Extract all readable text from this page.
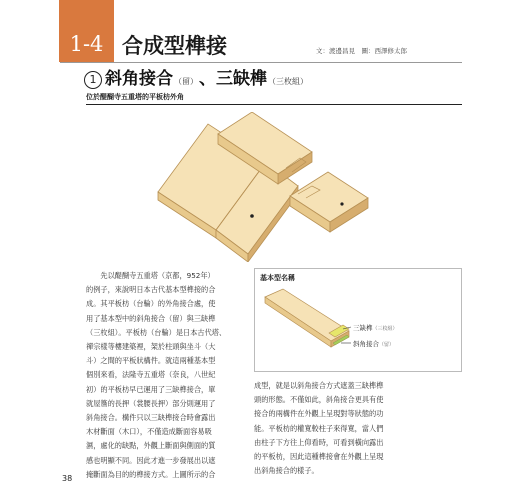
1-4 合成型榫接	文：渡邊昌見　圖：西澤修太郎
1 斜角接合 （留） 、 三缺榫 （三枚組）
位於醍醐寺五重塔的平板枋外角
　　先以醍醐寺五重塔（京都，952年）
的例子，來說明日本古代基本型榫接的合
成。其平板枋（台輪）的外角接合處，使
用了基本型中的斜角接合（留）與三缺榫
（三枚組）。平板枋（台輪）是日本古代塔、
禪宗樣等樓建築裡，架於柱頭與坐斗（大
斗）之間的平板狀構件。就這兩種基本型
個別來看，法隆寺五重塔（奈良，八世紀
初）的平板枋早已運用了三缺榫接合，單
就屋簷的長押（裳腰長押）部分則運用了
斜角接合。構件只以三缺榫接合時會露出
木材斷面（木口），不僅造成斷面容易吸
濕，處化的缺點，外觀上斷面與側面的質
感也明顯不同。因此才進一步發展出以遮
掩斷面為目的的榫接方式。上圖所示的合
基本型名稱
三缺榫（三枚組）
斜角接合（留）
成型，就是以斜角接合方式遮蓋三缺榫榫
頭的形態。不僅如此，斜角接合更具有使
接合的兩構件在外觀上呈現對等狀態的功
能。平板枋的權寬較柱子來得寬，當人們
由柱子下方往上仰看時，可看到橫向露出
的平板枋，因此這種榫接會在外觀上呈現
出斜角接合的樣子。
38
